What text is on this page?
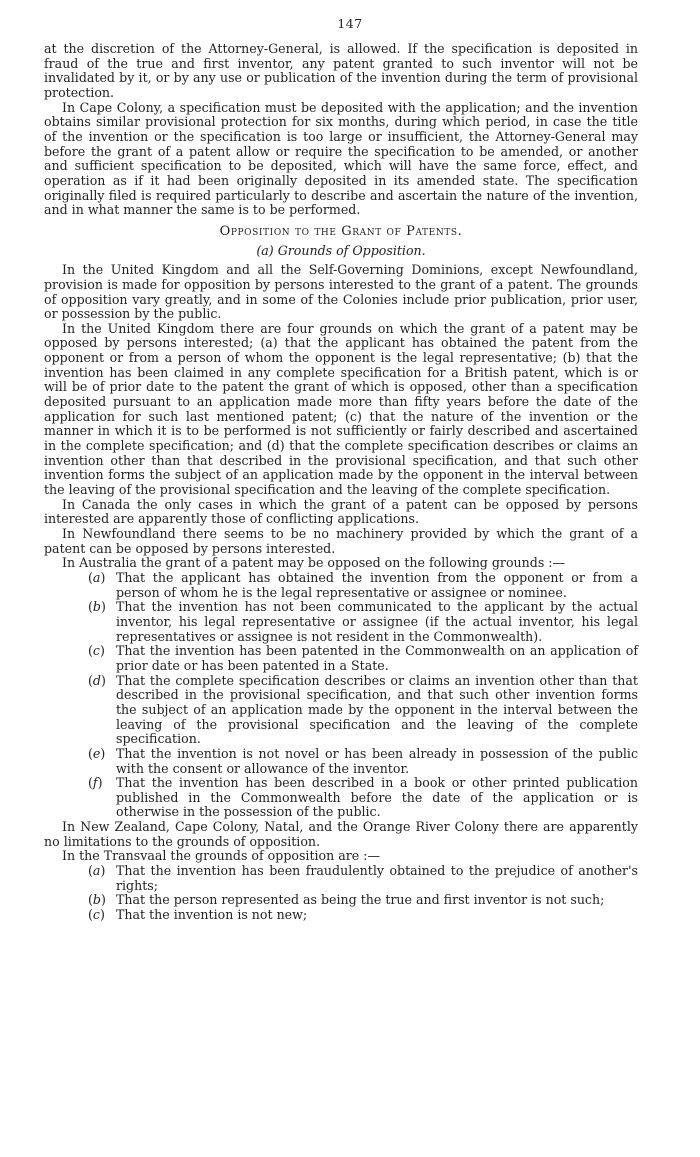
147

at the discretion of the Attorney-General, is allowed. If the specification is deposited in fraud of the true and first inventor, any patent granted to such inventor will not be invalidated by it, or by any use or publication of the invention during the term of provisional protection.

In Cape Colony, a specification must be deposited with the application; and the invention obtains similar provisional protection for six months, during which period, in case the title of the invention or the specification is too large or insufficient, the Attorney-General may before the grant of a patent allow or require the specification to be amended, or another and sufficient specification to be deposited, which will have the same force, effect, and operation as if it had been originally deposited in its amended state. The specification originally filed is required particularly to describe and ascertain the nature of the invention, and in what manner the same is to be performed.

Opposition to the Grant of Patents.

(a) Grounds of Opposition.

In the United Kingdom and all the Self-Governing Dominions, except Newfoundland, provision is made for opposition by persons interested to the grant of a patent. The grounds of opposition vary greatly, and in some of the Colonies include prior publication, prior user, or possession by the public.

In the United Kingdom there are four grounds on which the grant of a patent may be opposed by persons interested; (a) that the applicant has obtained the patent from the opponent or from a person of whom the opponent is the legal representative; (b) that the invention has been claimed in any complete specification for a British patent, which is or will be of prior date to the patent the grant of which is opposed, other than a specification deposited pursuant to an application made more than fifty years before the date of the application for such last mentioned patent; (c) that the nature of the invention or the manner in which it is to be performed is not sufficiently or fairly described and ascertained in the complete specification; and (d) that the complete specification describes or claims an invention other than that described in the provisional specification, and that such other invention forms the subject of an application made by the opponent in the interval between the leaving of the provisional specification and the leaving of the complete specification.

In Canada the only cases in which the grant of a patent can be opposed by persons interested are apparently those of conflicting applications.

In Newfoundland there seems to be no machinery provided by which the grant of a patent can be opposed by persons interested.

In Australia the grant of a patent may be opposed on the following grounds :—

(a) That the applicant has obtained the invention from the opponent or from a person of whom he is the legal representative or assignee or nominee.
(b) That the invention has not been communicated to the applicant by the actual inventor, his legal representative or assignee (if the actual inventor, his legal representatives or assignee is not resident in the Commonwealth).
(c) That the invention has been patented in the Commonwealth on an application of prior date or has been patented in a State.
(d) That the complete specification describes or claims an invention other than that described in the provisional specification, and that such other invention forms the subject of an application made by the opponent in the interval between the leaving of the provisional specification and the leaving of the complete specification.
(e) That the invention is not novel or has been already in possession of the public with the consent or allowance of the inventor.
(f)	That the invention has been described in a book or other printed publication published in the Commonwealth before the date of the application or is otherwise in the possession of the public.

In New Zealand, Cape Colony, Natal, and the Orange River Colony there are apparently no limitations to the grounds of opposition.

In the Transvaal the grounds of opposition are :—

(a) That the invention has been fraudulently obtained to the prejudice of another's rights;
(b) That the person represented as being the true and first inventor is not such;
(c) That the invention is not new;
